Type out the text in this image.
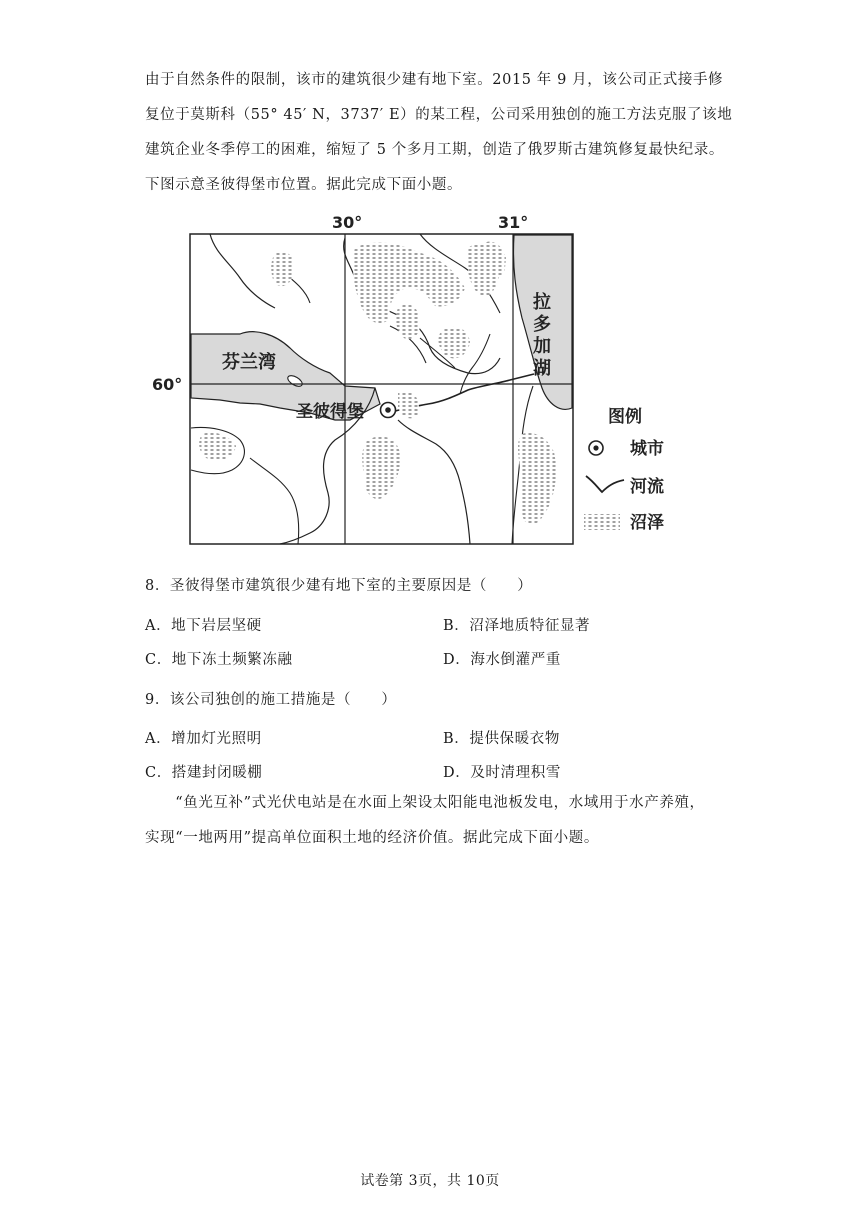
由于自然条件的限制，该市的建筑很少建有地下室。2015 年 9 月，该公司正式接手修

复位于莫斯科（55° 45′ N，3737′ E）的某工程，公司采用独创的施工方法克服了该地

建筑企业冬季停工的困难，缩短了 5 个多月工期，创造了俄罗斯古建筑修复最快纪录。

下图示意圣彼得堡市位置。据此完成下面小题。

30°	31°
60°
芬兰湾
圣彼得堡
拉 多 加 湖
图例
城市
河流
沼泽
8．圣彼得堡市建筑很少建有地下室的主要原因是（　　）
A．地下岩层坚硬	B．沼泽地质特征显著
C．地下冻土频繁冻融	D．海水倒灌严重
9．该公司独创的施工措施是（　　）
A．增加灯光照明	B．提供保暖衣物
C．搭建封闭暖棚	D．及时清理积雪

　　“鱼光互补”式光伏电站是在水面上架设太阳能电池板发电，水域用于水产养殖，

实现“一地两用”提高单位面积土地的经济价值。据此完成下面小题。

试卷第 3页，共 10页
